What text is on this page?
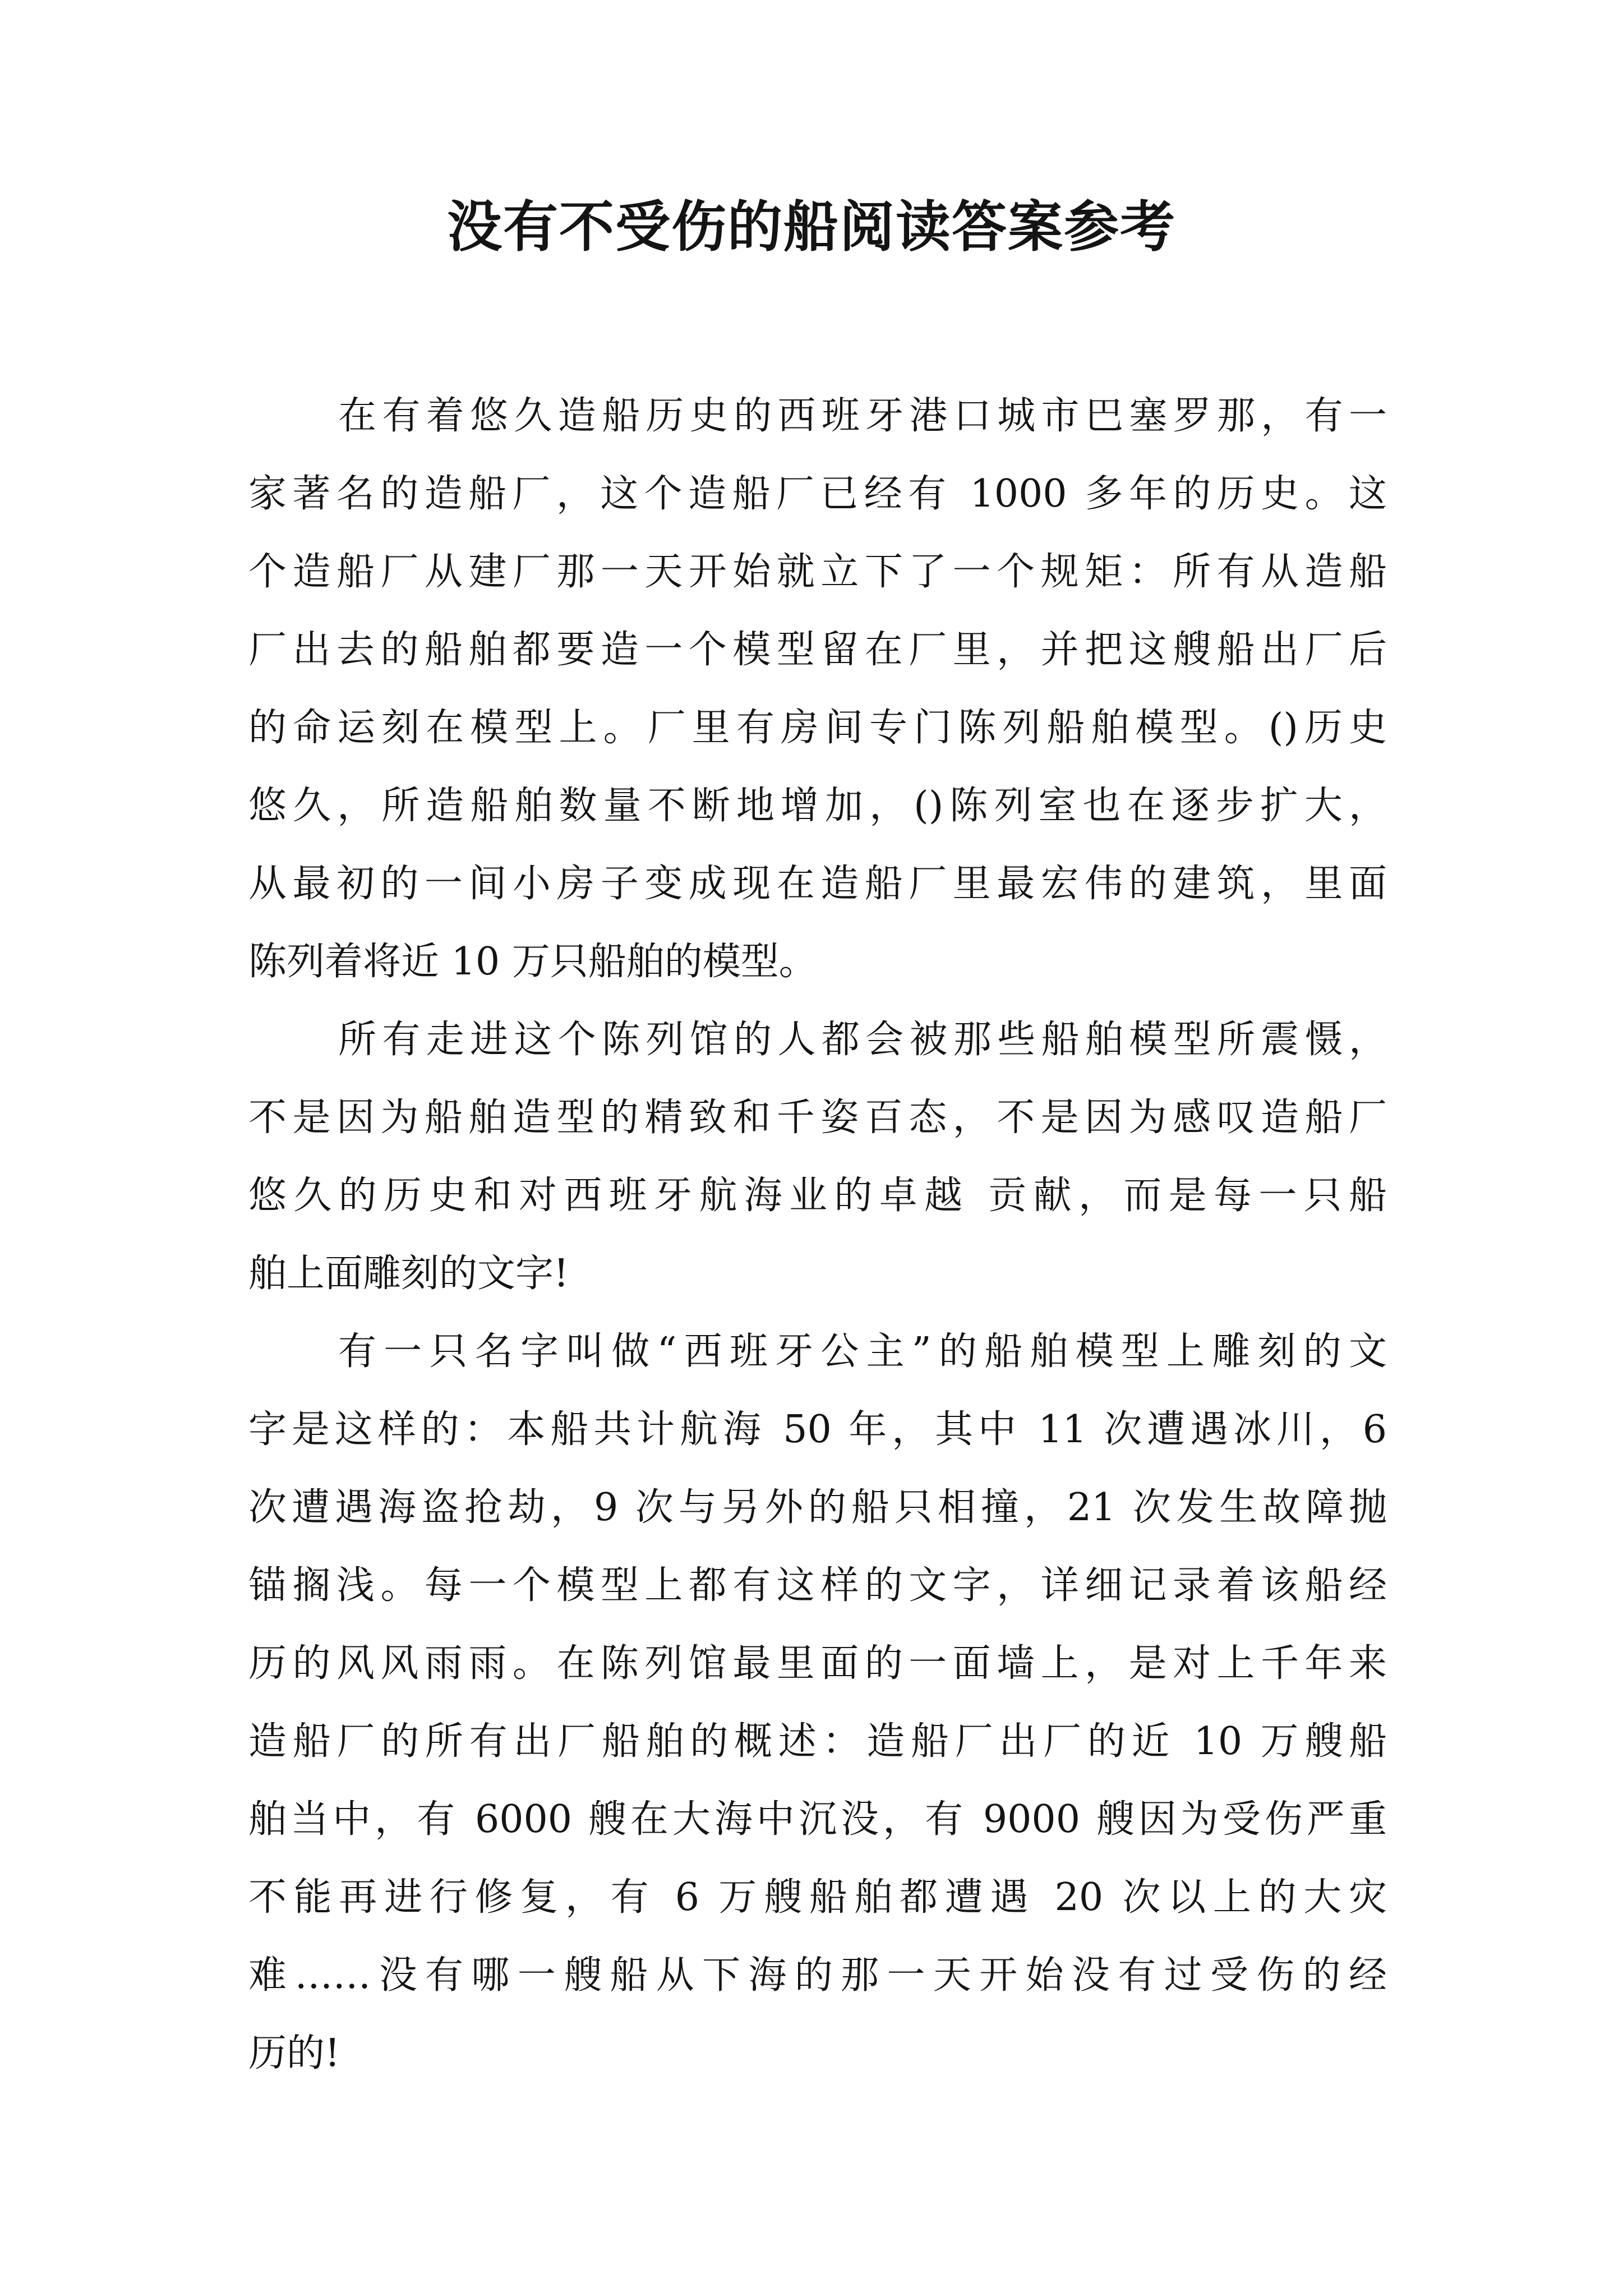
没有不受伤的船阅读答案参考
在有着悠久造船历史的西班牙港口城市巴塞罗那，有一
家著名的造船厂，这个造船厂已经有 1000 多年的历史。这
个造船厂从建厂那一天开始就立下了一个规矩：所有从造船
厂出去的船舶都要造一个模型留在厂里，并把这艘船出厂后
的命运刻在模型上。厂里有房间专门陈列船舶模型。()历史
悠久，所造船舶数量不断地增加，()陈列室也在逐步扩大，
从最初的一间小房子变成现在造船厂里最宏伟的建筑，里面
陈列着将近 10 万只船舶的模型。
所有走进这个陈列馆的人都会被那些船舶模型所震慑，
不是因为船舶造型的精致和千姿百态，不是因为感叹造船厂
悠久的历史和对西班牙航海业的卓越 贡献，而是每一只船
舶上面雕刻的文字!
有一只名字叫做“西班牙公主”的船舶模型上雕刻的文
字是这样的：本船共计航海 50 年，其中 11 次遭遇冰川，6
次遭遇海盗抢劫，9 次与另外的船只相撞，21 次发生故障抛
锚搁浅。每一个模型上都有这样的文字，详细记录着该船经
历的风风雨雨。在陈列馆最里面的一面墙上，是对上千年来
造船厂的所有出厂船舶的概述：造船厂出厂的近 10 万艘船
舶当中，有 6000 艘在大海中沉没，有 9000 艘因为受伤严重
不能再进行修复，有 6 万艘船舶都遭遇 20 次以上的大灾
难……没有哪一艘船从下海的那一天开始没有过受伤的经
历的!
